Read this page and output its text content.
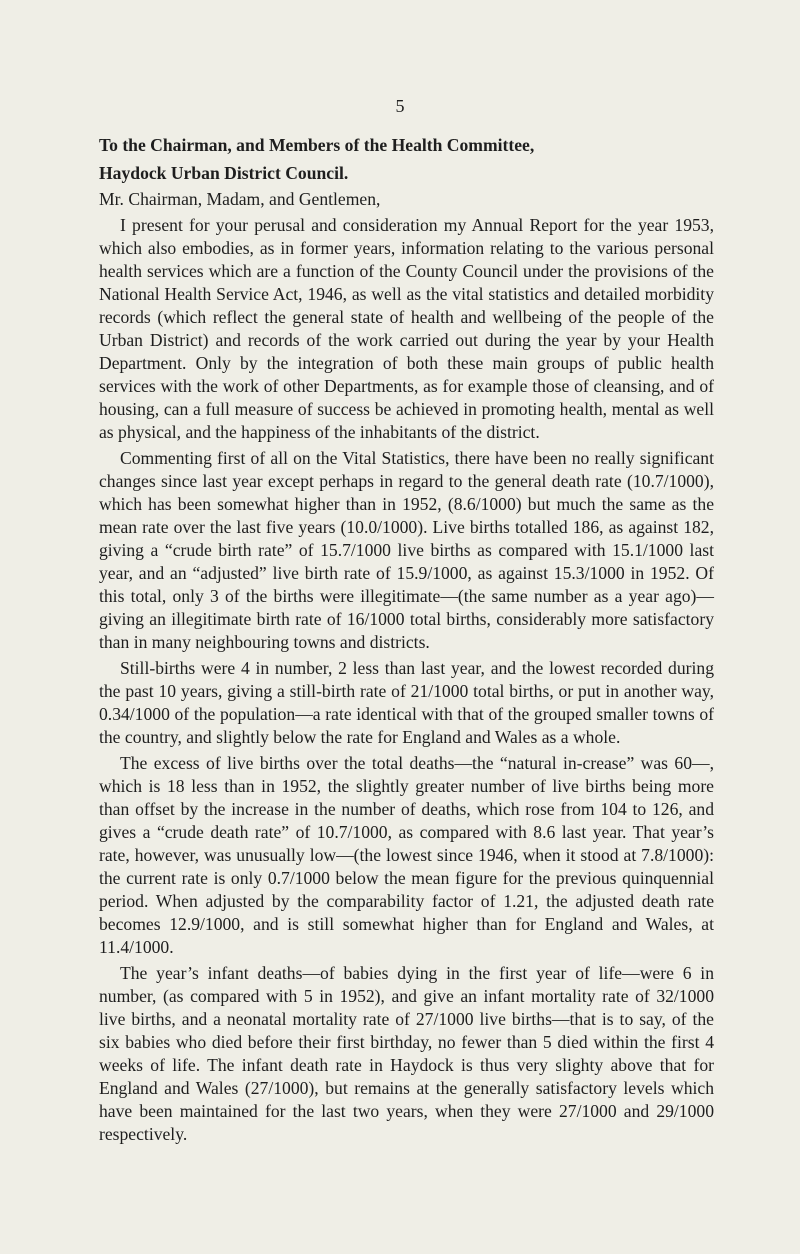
5

To the Chairman, and Members of the Health Committee,

Haydock Urban District Council.

Mr. Chairman, Madam, and Gentlemen,

I present for your perusal and consideration my Annual Report for the year 1953, which also embodies, as in former years, information relating to the various personal health services which are a function of the County Council under the provisions of the National Health Service Act, 1946, as well as the vital statistics and detailed morbidity records (which reflect the general state of health and wellbeing of the people of the Urban District) and records of the work carried out during the year by your Health Department. Only by the integration of both these main groups of public health services with the work of other Departments, as for example those of cleansing, and of housing, can a full measure of success be achieved in promoting health, mental as well as physical, and the happiness of the inhabitants of the district.

Commenting first of all on the Vital Statistics, there have been no really significant changes since last year except perhaps in regard to the general death rate (10.7/1000), which has been somewhat higher than in 1952, (8.6/1000) but much the same as the mean rate over the last five years (10.0/1000). Live births totalled 186, as against 182, giving a “crude birth rate” of 15.7/1000 live births as compared with 15.1/1000 last year, and an “adjusted” live birth rate of 15.9/1000, as against 15.3/1000 in 1952. Of this total, only 3 of the births were illegitimate—(the same number as a year ago)—giving an illegitimate birth rate of 16/1000 total births, considerably more satisfactory than in many neighbouring towns and districts.

Still-births were 4 in number, 2 less than last year, and the lowest recorded during the past 10 years, giving a still-birth rate of 21/1000 total births, or put in another way, 0.34/1000 of the population—a rate identical with that of the grouped smaller towns of the country, and slightly below the rate for England and Wales as a whole.

The excess of live births over the total deaths—the “natural in-crease” was 60—, which is 18 less than in 1952, the slightly greater number of live births being more than offset by the increase in the number of deaths, which rose from 104 to 126, and gives a “crude death rate” of 10.7/1000, as compared with 8.6 last year. That year’s rate, however, was unusually low—(the lowest since 1946, when it stood at 7.8/1000): the current rate is only 0.7/1000 below the mean figure for the previous quinquennial period. When adjusted by the comparability factor of 1.21, the adjusted death rate becomes 12.9/1000, and is still somewhat higher than for England and Wales, at 11.4/1000.

The year’s infant deaths—of babies dying in the first year of life—were 6 in number, (as compared with 5 in 1952), and give an infant mortality rate of 32/1000 live births, and a neonatal mortality rate of 27/1000 live births—that is to say, of the six babies who died before their first birthday, no fewer than 5 died within the first 4 weeks of life. The infant death rate in Haydock is thus very slighty above that for England and Wales (27/1000), but remains at the generally satisfactory levels which have been maintained for the last two years, when they were 27/1000 and 29/1000 respectively.
